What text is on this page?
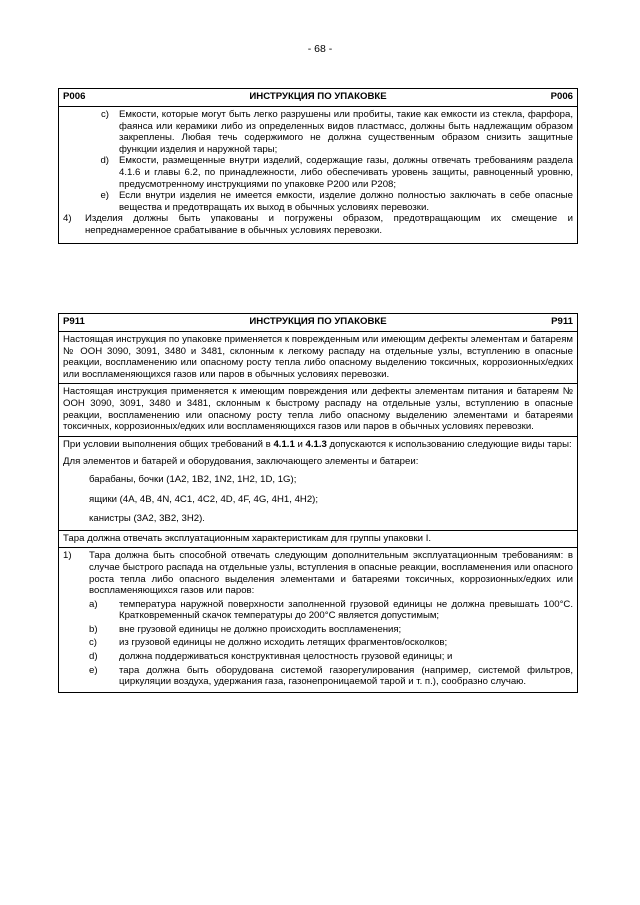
- 68 -
P006	ИНСТРУКЦИЯ ПО УПАКОВКЕ	P006
c)	Емкости, которые могут быть легко разрушены или пробиты, такие как емкости из стекла, фарфора, фаянса или керамики либо из определенных видов пластмасс, должны быть надлежащим образом закреплены. Любая течь содержимого не должна существенным образом снизить защитные функции изделия и наружной тары;
d)	Емкости, размещенные внутри изделий, содержащие газы, должны отвечать требованиям раздела 4.1.6 и главы 6.2, по принадлежности, либо обеспечивать уровень защиты, равноценный уровню, предусмотренному инструкциями по упаковке P200 или P208;
e)	Если внутри изделия не имеется емкости, изделие должно полностью заключать в себе опасные вещества и предотвращать их выход в обычных условиях перевозки.
4)	Изделия должны быть упакованы и погружены образом, предотвращающим их смещение и непреднамеренное срабатывание в обычных условиях перевозки.
P911	ИНСТРУКЦИЯ ПО УПАКОВКЕ	P911
Настоящая инструкция по упаковке применяется к поврежденным или имеющим дефекты элементам и батареям № ООН 3090, 3091, 3480 и 3481, склонным к легкому распаду на отдельные узлы, вступлению в опасные реакции, воспламенению или опасному росту тепла либо опасному выделению токсичных, коррозионных/едких или воспламеняющихся газов или паров в обычных условиях перевозки.
Настоящая инструкция применяется к имеющим повреждения или дефекты элементам питания и батареям № ООН 3090, 3091, 3480 и 3481, склонным к быстрому распаду на отдельные узлы, вступлению в опасные реакции, воспламенению или опасному росту тепла либо опасному выделению элементами и батареями токсичных, коррозионных/едких или воспламеняющихся газов или паров в обычных условиях перевозки.

При условии выполнения общих требований в 4.1.1 и 4.1.3 допускаются к использованию следующие виды тары:

Для элементов и батарей и оборудования, заключающего элементы и батареи:

барабаны, бочки (1A2, 1B2, 1N2, 1H2, 1D, 1G);

ящики (4A, 4B, 4N, 4C1, 4C2, 4D, 4F, 4G, 4H1, 4H2);

канистры (3A2, 3B2, 3H2).

Тара должна отвечать эксплуатационным характеристикам для группы упаковки I.
1)	Тара должна быть способной отвечать следующим дополнительным эксплуатационным требованиям: в случае быстрого распада на отдельные узлы, вступления в опасные реакции, воспламенения или опасного роста тепла либо опасного выделения элементами и батареями токсичных, коррозионных/едких или воспламеняющихся газов или паров:
a)	температура наружной поверхности заполненной грузовой единицы не должна превышать 100°C. Кратковременный скачок температуры до 200°C является допустимым;
b)	вне грузовой единицы не должно происходить воспламенения;
c)	из грузовой единицы не должно исходить летящих фрагментов/осколков;
d)	должна поддерживаться конструктивная целостность грузовой единицы; и
e)	тара должна быть оборудована системой газорегулирования (например, системой фильтров, циркуляции воздуха, удержания газа, газонепроницаемой тарой и т. п.), сообразно случаю.
